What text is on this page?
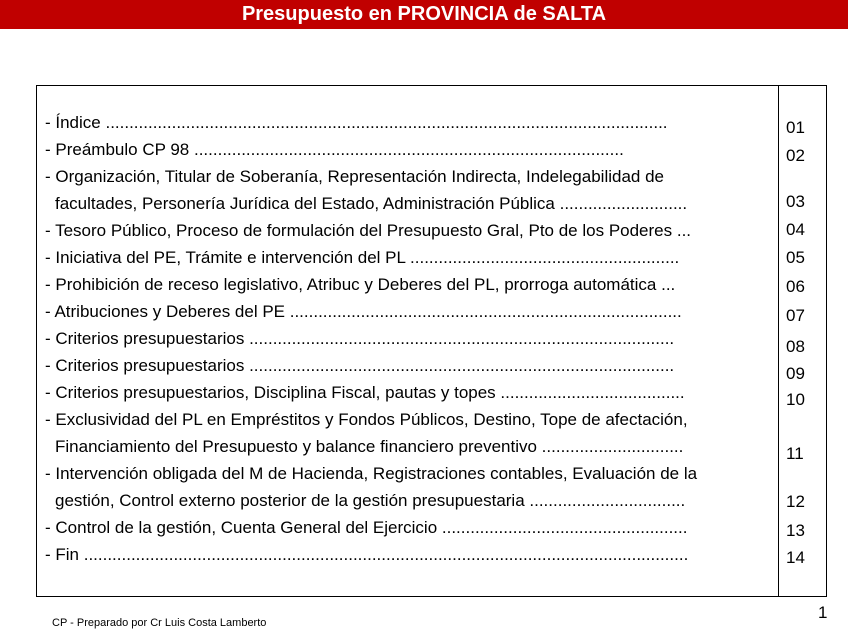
Presupuesto en PROVINCIA de SALTA
- Índice .......................................................................................................................	01
- Preámbulo CP 98 ...........................................................................................	02
- Organización, Titular de Soberanía, Representación Indirecta, Indelegabilidad de
facultades, Personería Jurídica del Estado, Administración Pública ...........................	03
- Tesoro Público, Proceso de formulación del Presupuesto Gral, Pto de los Poderes ...	04
- Iniciativa del PE, Trámite e intervención del PL .........................................................	05
- Prohibición de receso legislativo, Atribuc y Deberes del PL, prorroga automática ...	06
- Atribuciones y Deberes del PE ...................................................................................	07
- Criterios presupuestarios ..........................................................................................	08
- Criterios presupuestarios ..........................................................................................	09
- Criterios presupuestarios, Disciplina Fiscal, pautas y topes .......................................	10
- Exclusividad del PL en Empréstitos y Fondos Públicos, Destino, Tope de afectación,
Financiamiento del Presupuesto y balance financiero preventivo ..............................	11
- Intervención obligada del M de Hacienda, Registraciones contables, Evaluación de la
gestión, Control externo posterior de la gestión presupuestaria .................................	12
- Control de la gestión, Cuenta General del Ejercicio ....................................................	13
- Fin ................................................................................................................................	14
CP - Preparado por Cr Luis Costa Lamberto
1
